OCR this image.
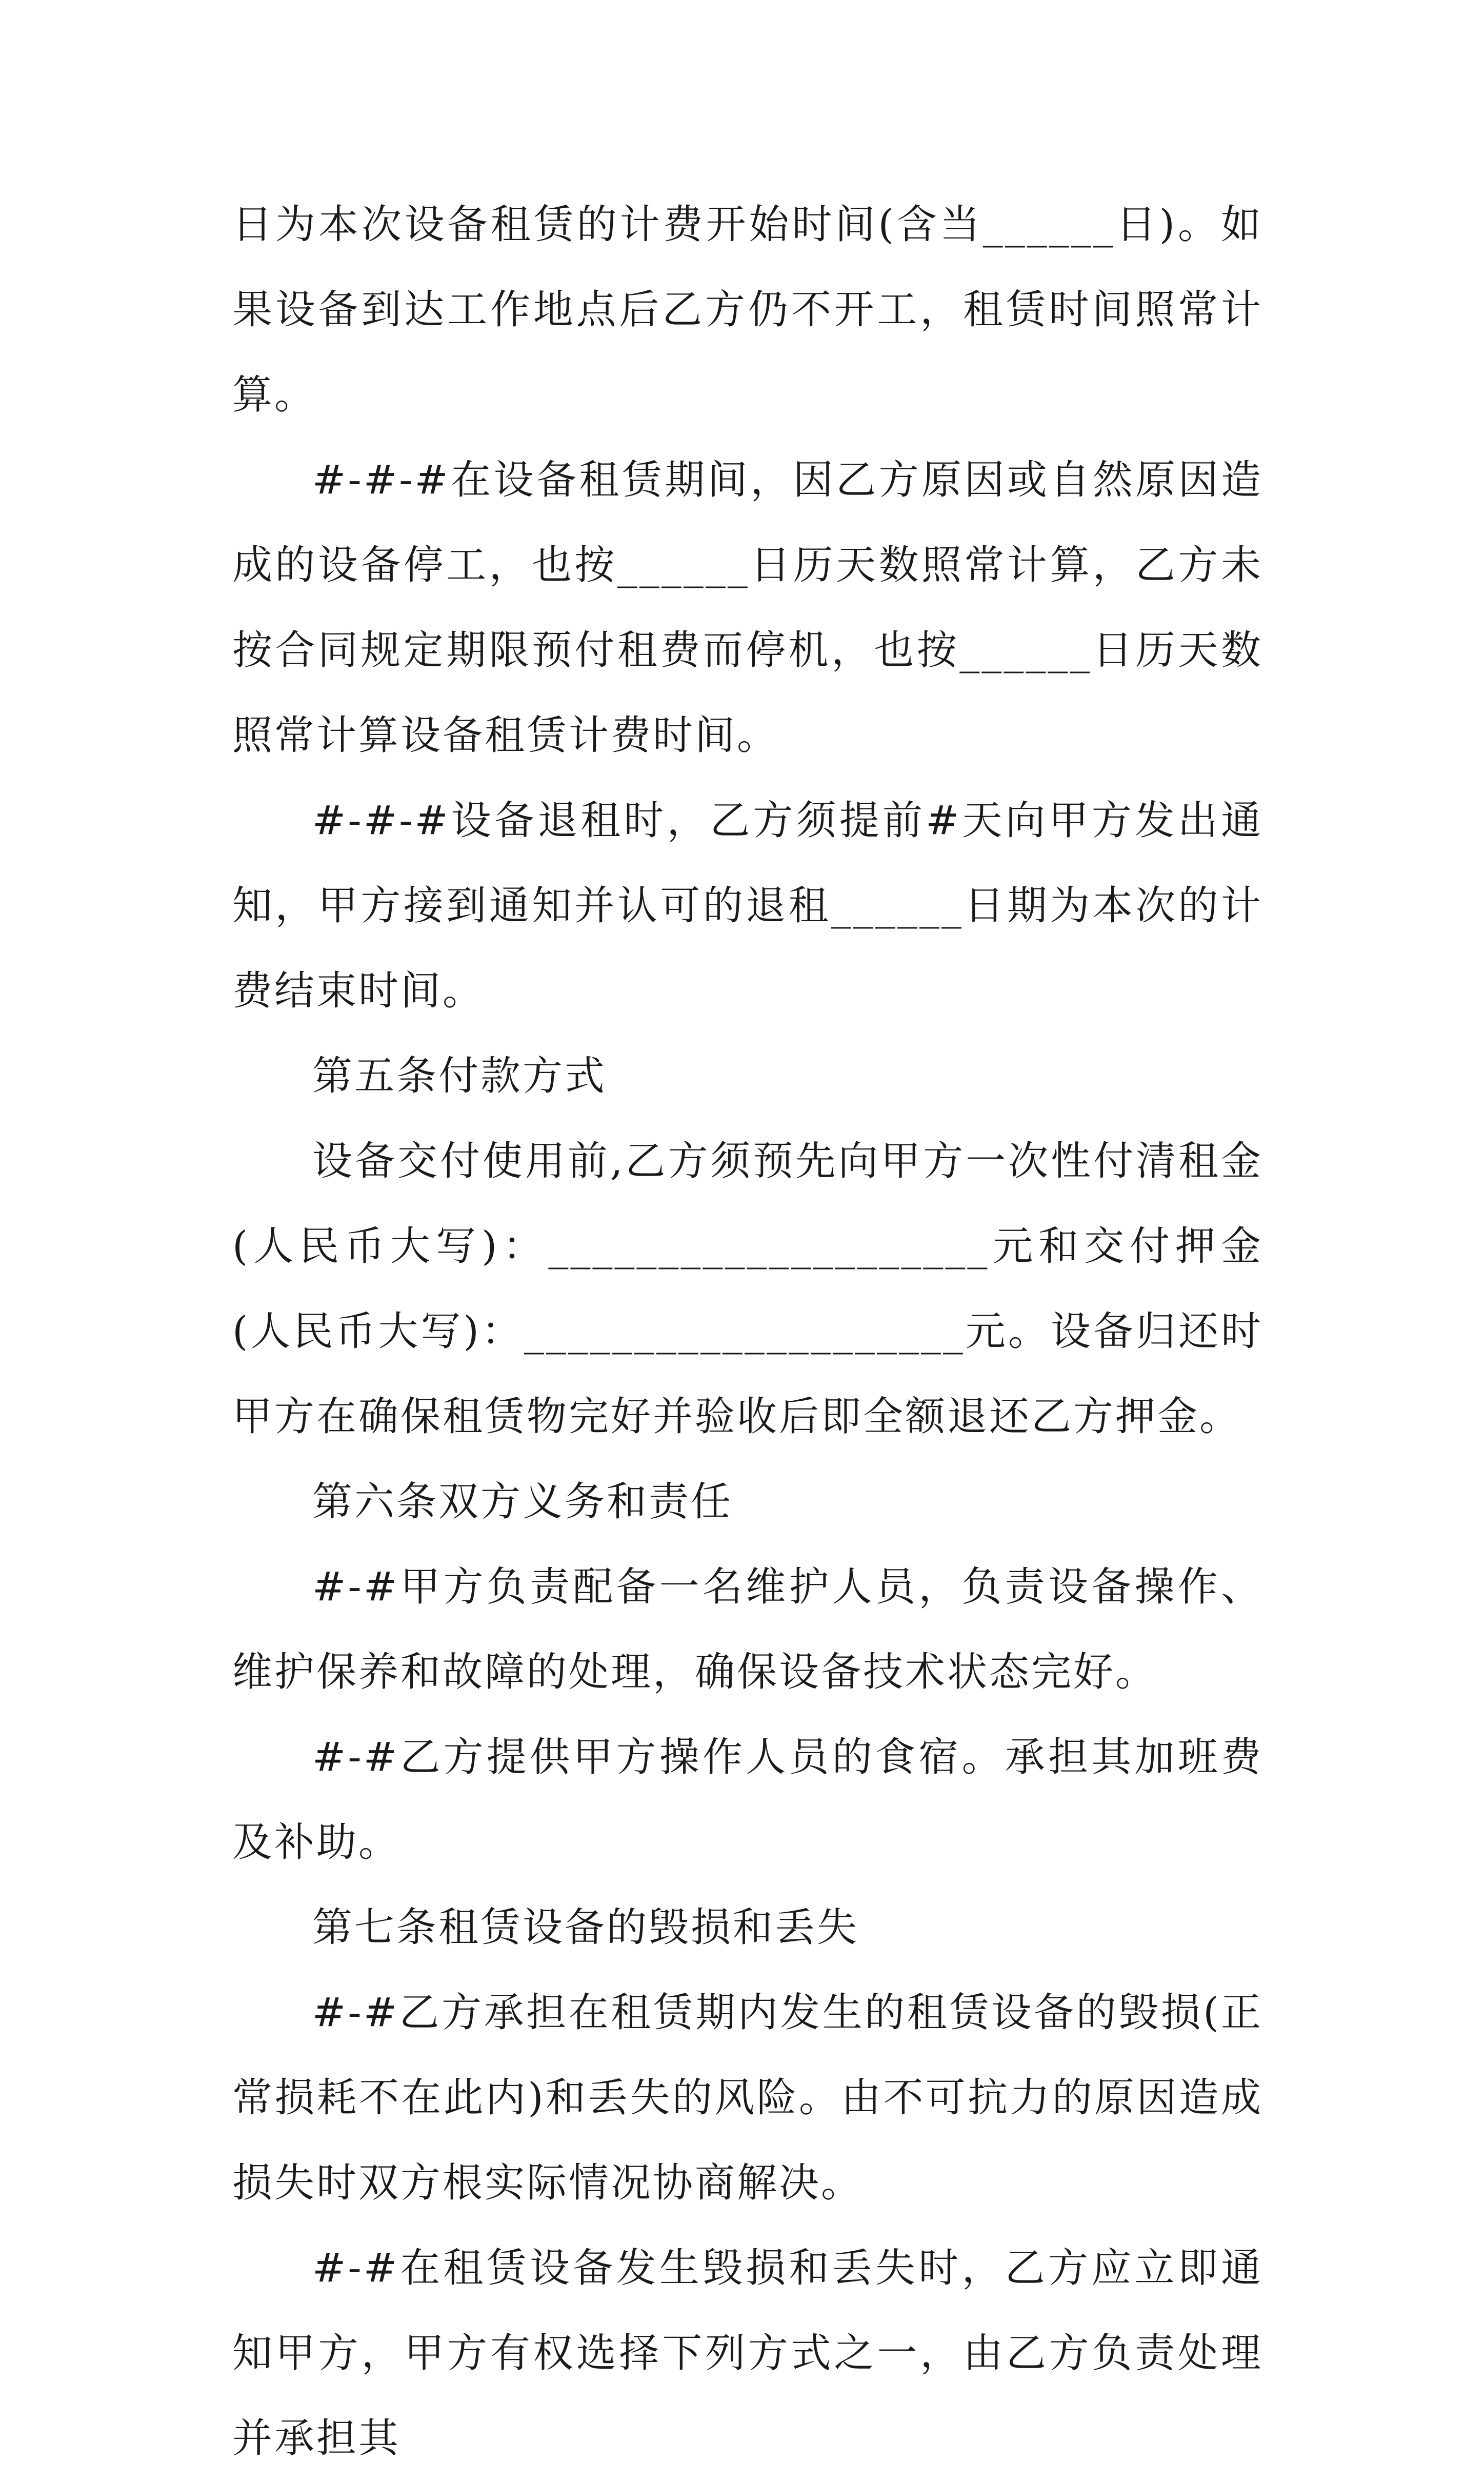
日为本次设备租赁的计费开始时间(含当______日)。如果设备到达工作地点后乙方仍不开工，租赁时间照常计算。

#-#-#在设备租赁期间，因乙方原因或自然原因造成的设备停工，也按______日历天数照常计算，乙方未按合同规定期限预付租费而停机，也按______日历天数照常计算设备租赁计费时间。

#-#-#设备退租时，乙方须提前#天向甲方发出通知，甲方接到通知并认可的退租______日期为本次的计费结束时间。

第五条付款方式

设备交付使用前,乙方须预先向甲方一次性付清租金(人民币大写)：____________________元和交付押金(人民币大写)：____________________元。设备归还时甲方在确保租赁物完好并验收后即全额退还乙方押金。

第六条双方义务和责任

#-#甲方负责配备一名维护人员，负责设备操作、维护保养和故障的处理，确保设备技术状态完好。

#-#乙方提供甲方操作人员的食宿。承担其加班费及补助。

第七条租赁设备的毁损和丢失

#-#乙方承担在租赁期内发生的租赁设备的毁损(正常损耗不在此内)和丢失的风险。由不可抗力的原因造成损失时双方根实际情况协商解决。

#-#在租赁设备发生毁损和丢失时，乙方应立即通知甲方，甲方有权选择下列方式之一，由乙方负责处理并承担其
